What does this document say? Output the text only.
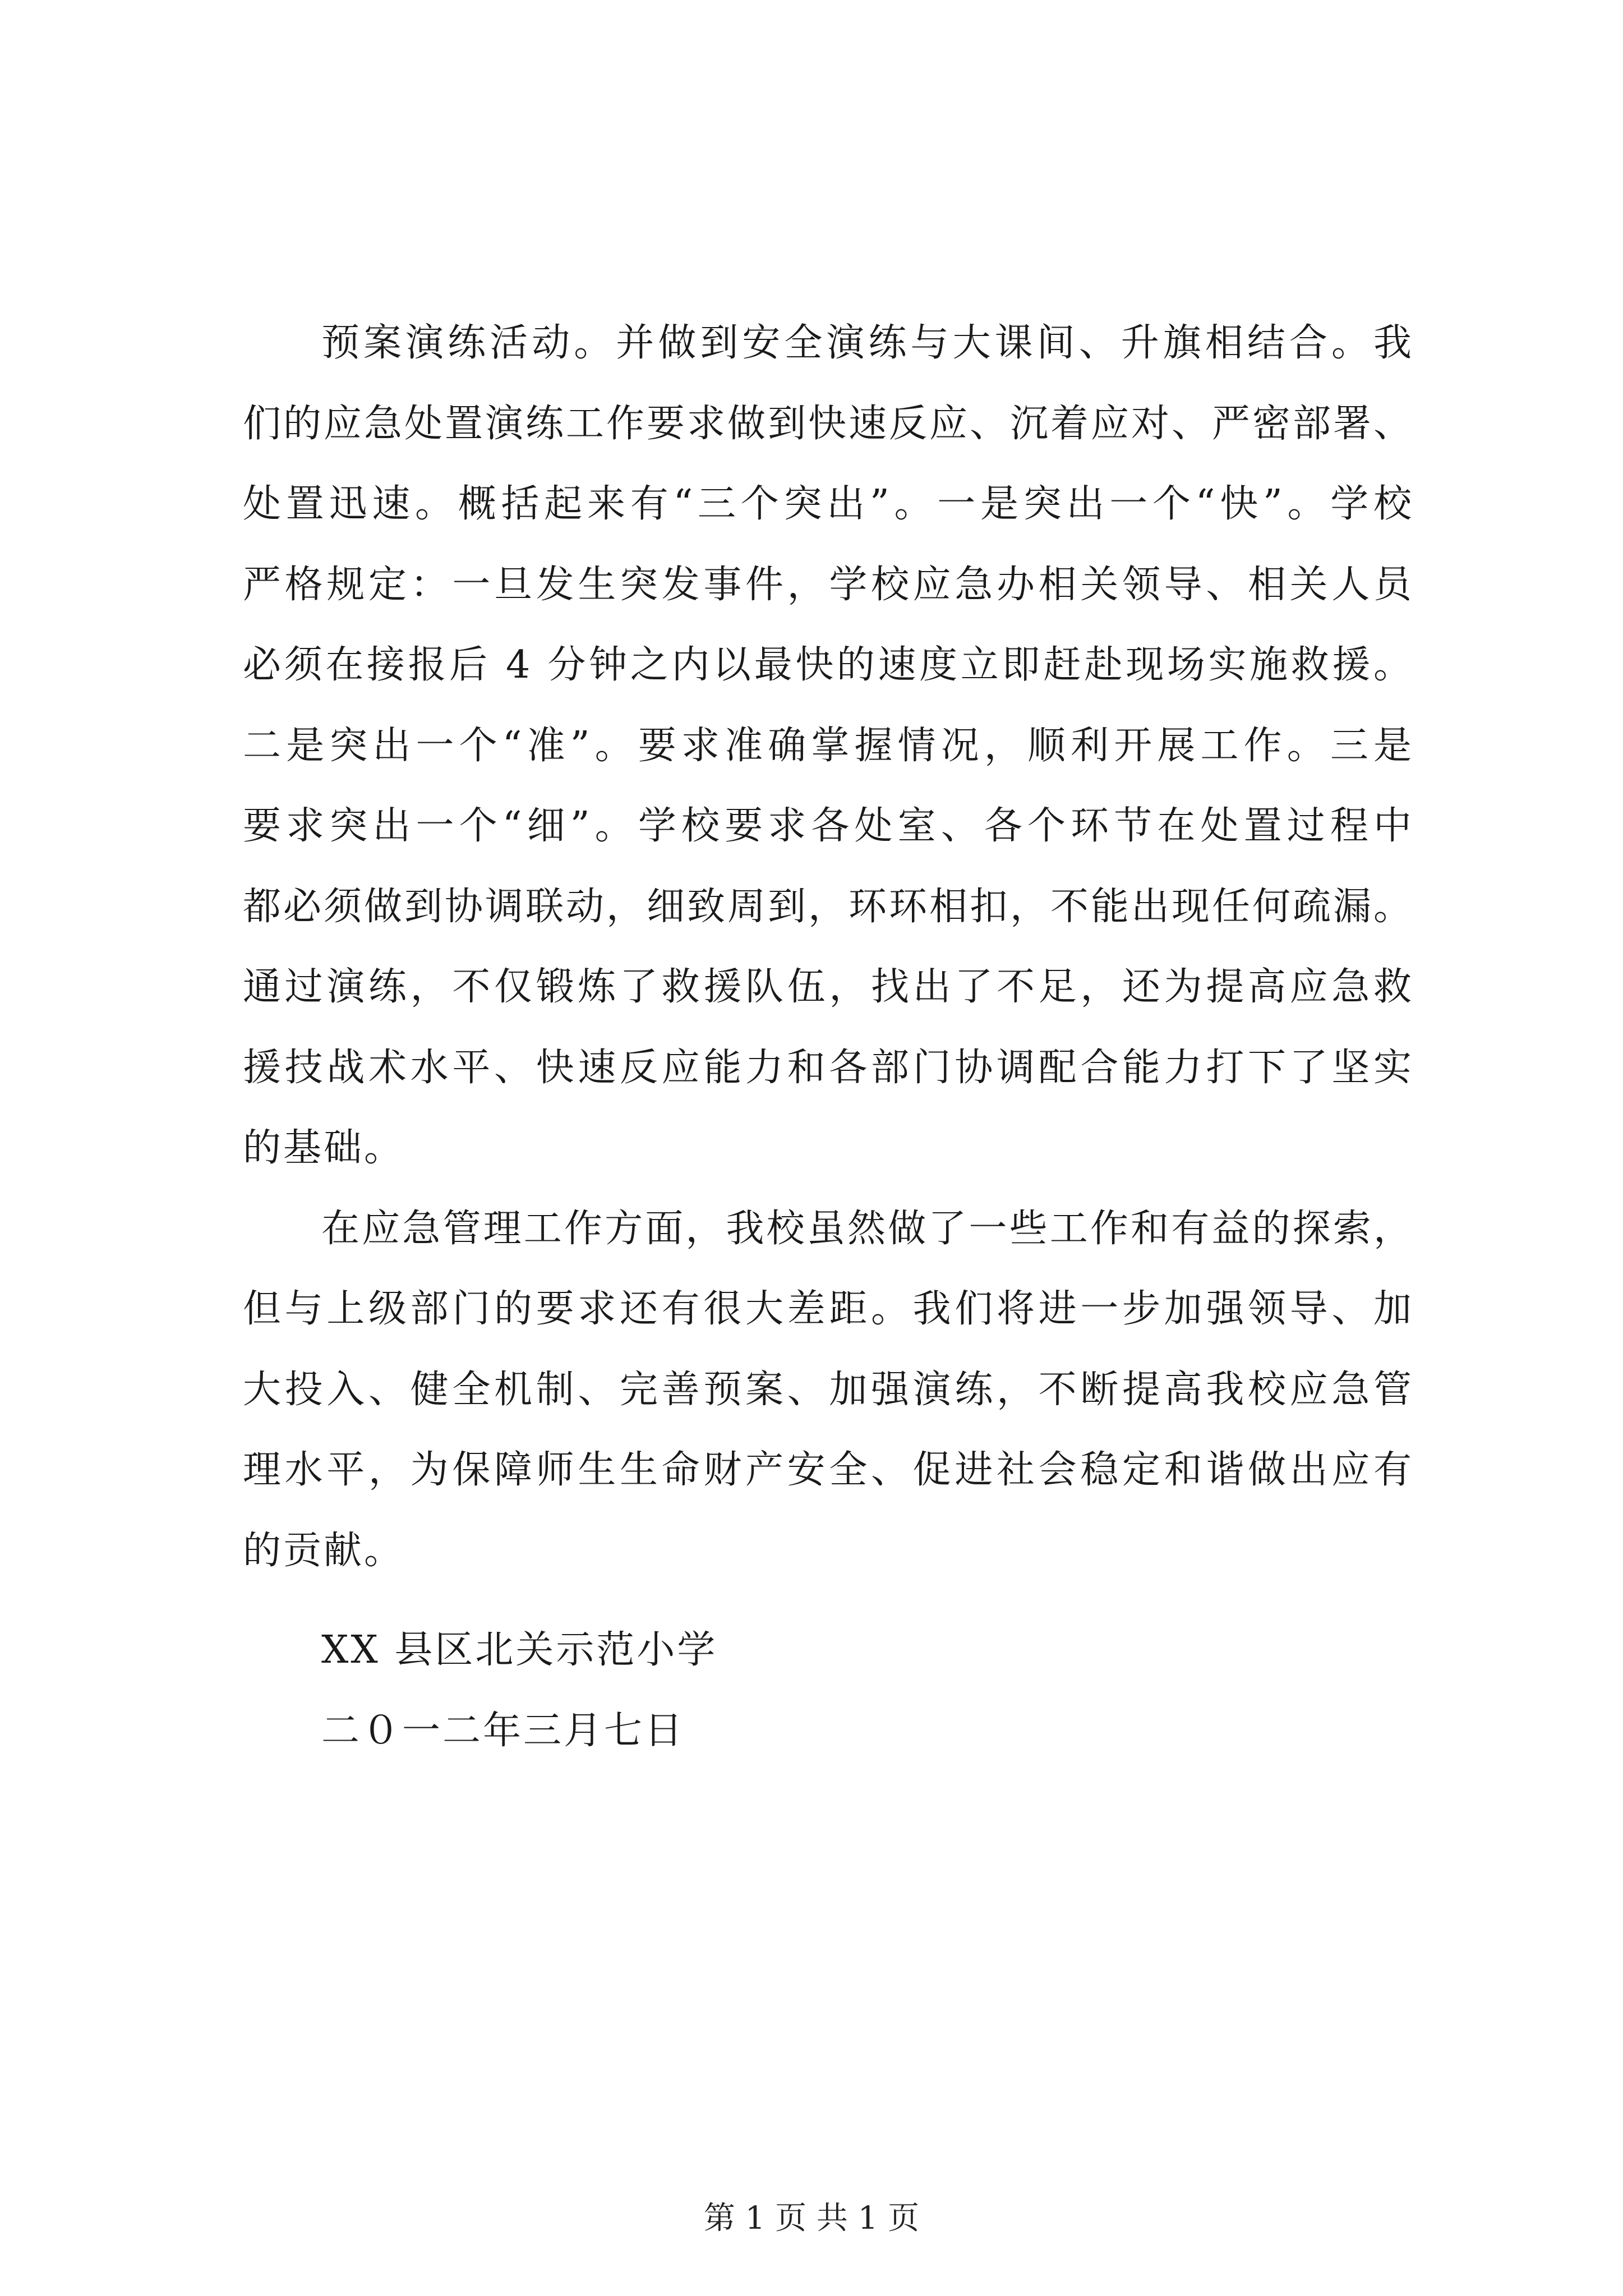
预案演练活动。并做到安全演练与大课间、升旗相结合。我
们的应急处置演练工作要求做到快速反应、沉着应对、严密部署、
处置迅速。概括起来有“三个突出”。一是突出一个“快”。学校
严格规定：一旦发生突发事件，学校应急办相关领导、相关人员
必须在接报后 4 分钟之内以最快的速度立即赶赴现场实施救援。
二是突出一个“准”。要求准确掌握情况，顺利开展工作。三是
要求突出一个“细”。学校要求各处室、各个环节在处置过程中
都必须做到协调联动，细致周到，环环相扣，不能出现任何疏漏。
通过演练，不仅锻炼了救援队伍，找出了不足，还为提高应急救
援技战术水平、快速反应能力和各部门协调配合能力打下了坚实
的基础。
在应急管理工作方面，我校虽然做了一些工作和有益的探索，
但与上级部门的要求还有很大差距。我们将进一步加强领导、加
大投入、健全机制、完善预案、加强演练，不断提高我校应急管
理水平，为保障师生生命财产安全、促进社会稳定和谐做出应有
的贡献。
XX 县区北关示范小学
二０一二年三月七日
第 1 页 共 1 页
